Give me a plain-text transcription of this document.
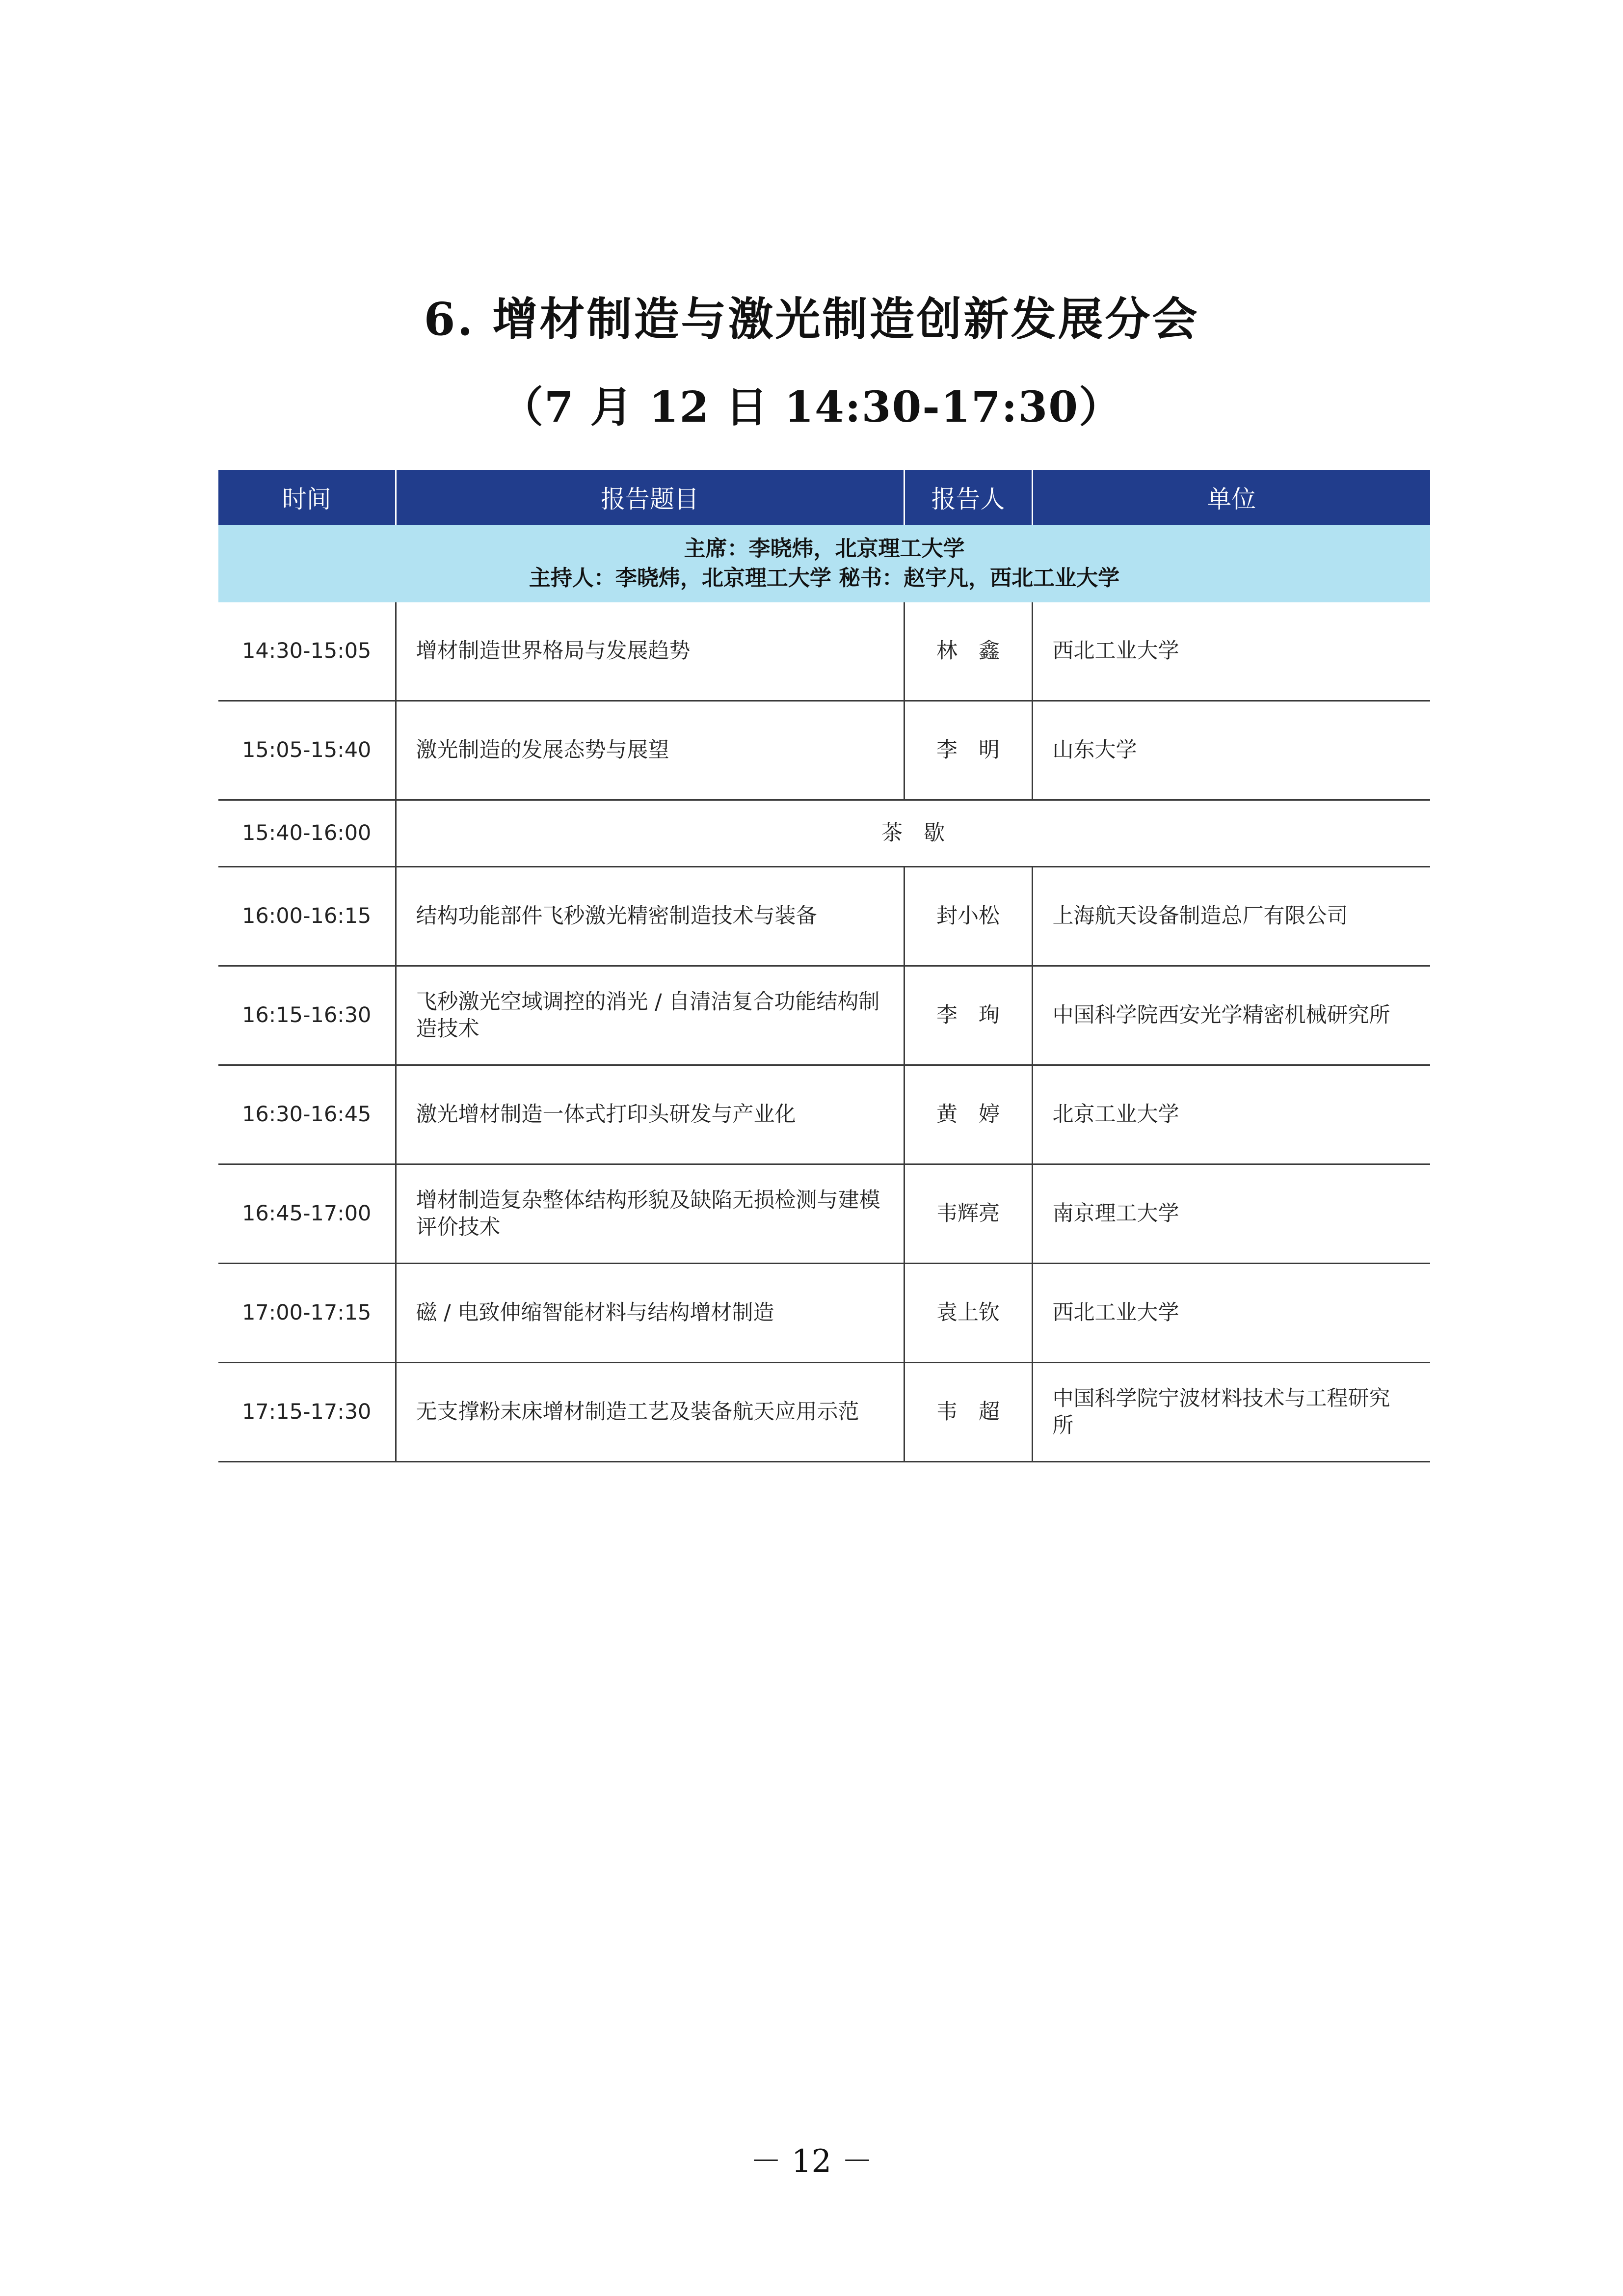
6. 增材制造与激光制造创新发展分会
（7 月 12 日 14:30-17:30）
时间	报告题目	报告人	单位

主席：李晓炜，北京理工大学
主持人：李晓炜，北京理工大学 秘书：赵宇凡，西北工业大学			

14:30-15:05	增材制造世界格局与发展趋势	林　鑫	西北工业大学
15:05-15:40	激光制造的发展态势与展望	李　明	山东大学
15:40-16:00	茶　歇		
16:00-16:15	结构功能部件飞秒激光精密制造技术与装备	封小松	上海航天设备制造总厂有限公司
16:15-16:30	飞秒激光空域调控的消光 / 自清洁复合功能结构制造技术	李　珣	中国科学院西安光学精密机械研究所
16:30-16:45	激光增材制造一体式打印头研发与产业化	黄　婷	北京工业大学
16:45-17:00	增材制造复杂整体结构形貌及缺陷无损检测与建模评价技术	韦辉亮	南京理工大学
17:00-17:15	磁 / 电致伸缩智能材料与结构增材制造	袁上钦	西北工业大学
17:15-17:30	无支撑粉末床增材制造工艺及装备航天应用示范	韦　超	中国科学院宁波材料技术与工程研究所
－ 12 －
